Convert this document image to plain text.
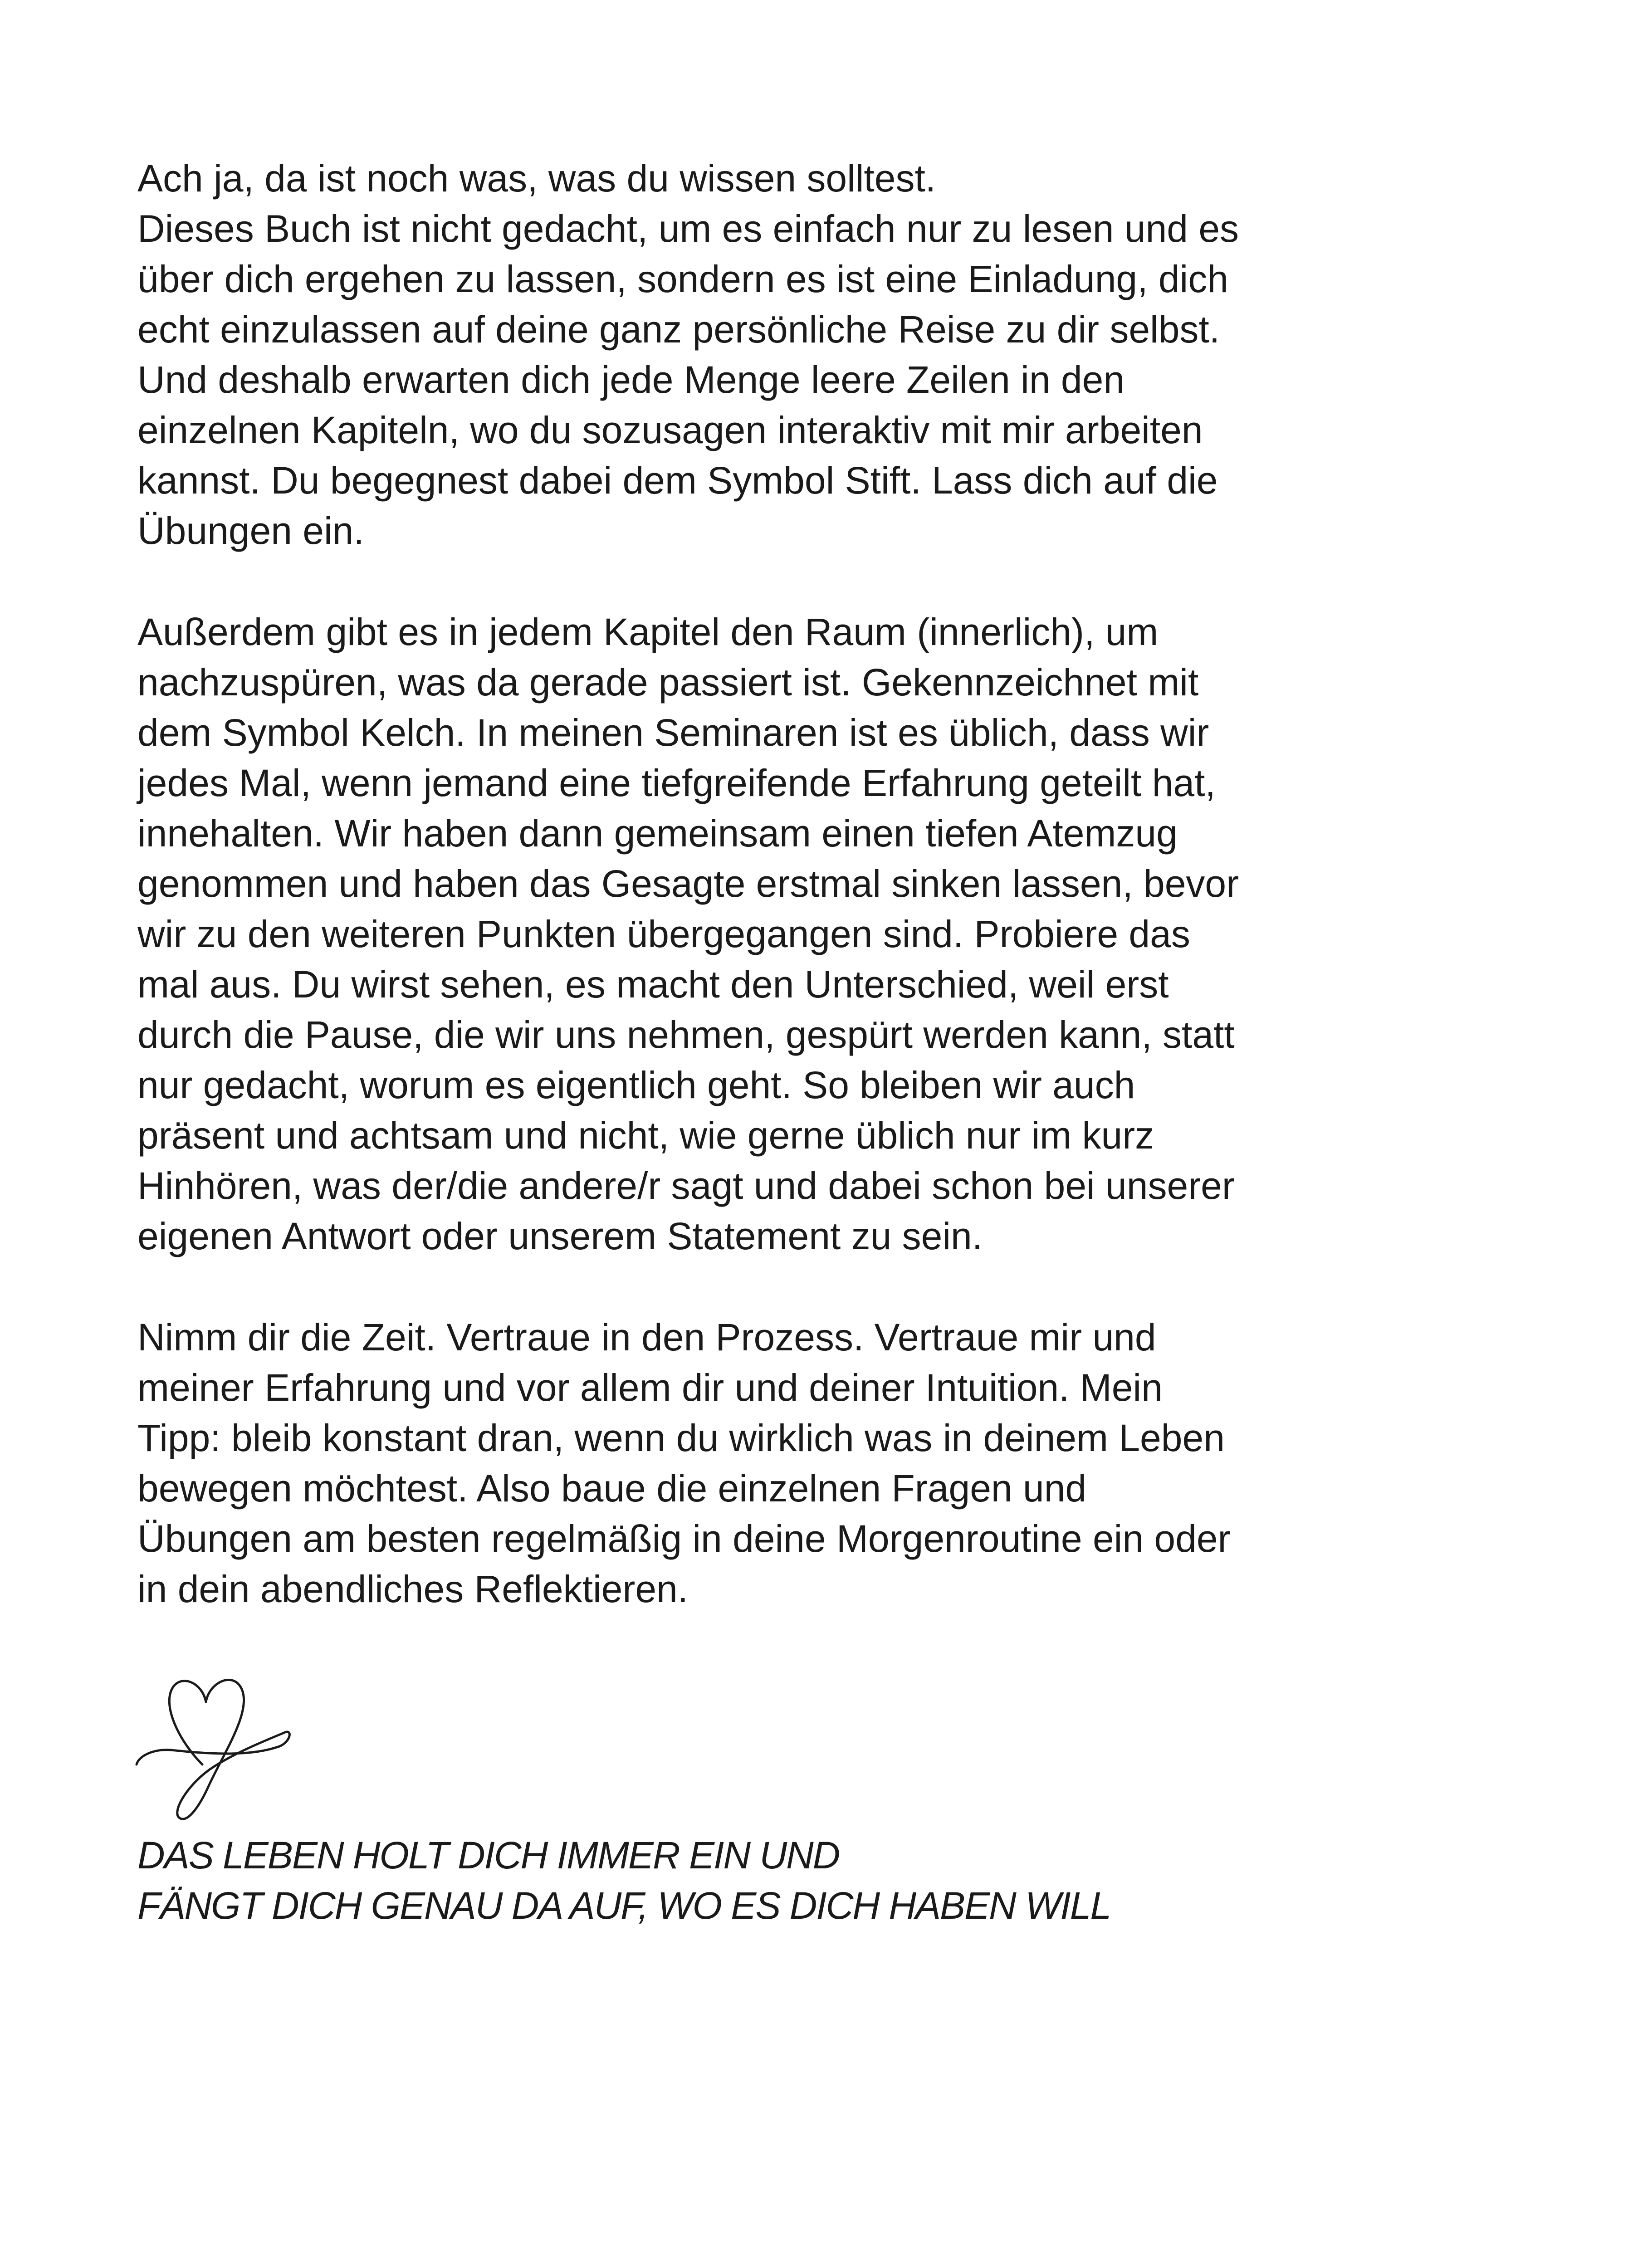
Ach ja, da ist noch was, was du wissen solltest.
Dieses Buch ist nicht gedacht, um es einfach nur zu lesen und es
über dich ergehen zu lassen, sondern es ist eine Einladung, dich
echt einzulassen auf deine ganz persönliche Reise zu dir selbst.
Und deshalb erwarten dich jede Menge leere Zeilen in den
einzelnen Kapiteln, wo du sozusagen interaktiv mit mir arbeiten
kannst. Du begegnest dabei dem Symbol Stift. Lass dich auf die
Übungen ein.

Außerdem gibt es in jedem Kapitel den Raum (innerlich), um
nachzuspüren, was da gerade passiert ist. Gekennzeichnet mit
dem Symbol Kelch. In meinen Seminaren ist es üblich, dass wir
jedes Mal, wenn jemand eine tiefgreifende Erfahrung geteilt hat,
innehalten. Wir haben dann gemeinsam einen tiefen Atemzug
genommen und haben das Gesagte erstmal sinken lassen, bevor
wir zu den weiteren Punkten übergegangen sind. Probiere das
mal aus. Du wirst sehen, es macht den Unterschied, weil erst
durch die Pause, die wir uns nehmen, gespürt werden kann, statt
nur gedacht, worum es eigentlich geht. So bleiben wir auch
präsent und achtsam und nicht, wie gerne üblich nur im kurz
Hinhören, was der/die andere/r sagt und dabei schon bei unserer
eigenen Antwort oder unserem Statement zu sein.

Nimm dir die Zeit. Vertraue in den Prozess. Vertraue mir und
meiner Erfahrung und vor allem dir und deiner Intuition. Mein
Tipp: bleib konstant dran, wenn du wirklich was in deinem Leben
bewegen möchtest. Also baue die einzelnen Fragen und
Übungen am besten regelmäßig in deine Morgenroutine ein oder
in dein abendliches Reflektieren.

DAS LEBEN HOLT DICH IMMER EIN UND
FÄNGT DICH GENAU DA AUF, WO ES DICH HABEN WILL
